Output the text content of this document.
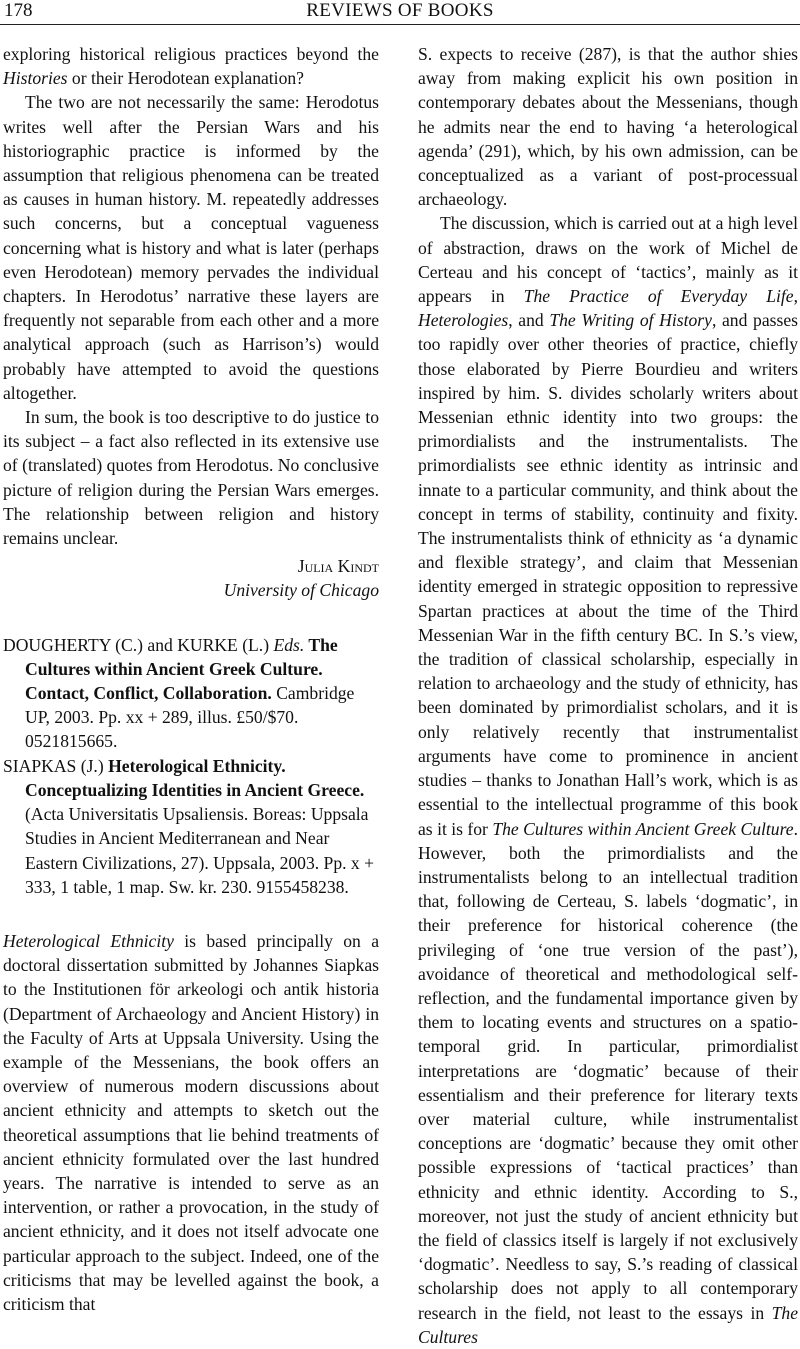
178	REVIEWS OF BOOKS

exploring historical religious practices beyond the Histories or their Herodotean explanation?

The two are not necessarily the same: Herodotus writes well after the Persian Wars and his historiographic practice is informed by the assumption that religious phenomena can be treated as causes in human history. M. repeatedly addresses such concerns, but a conceptual vagueness concerning what is history and what is later (perhaps even Herodotean) memory pervades the individual chapters. In Herodotus’ narrative these layers are frequently not separable from each other and a more analytical approach (such as Harrison’s) would probably have attempted to avoid the questions altogether.

In sum, the book is too descriptive to do justice to its subject – a fact also reflected in its extensive use of (translated) quotes from Herodotus. No conclusive picture of religion during the Persian Wars emerges. The relationship between religion and history remains unclear.

Julia Kindt

University of Chicago

DOUGHERTY (C.) and KURKE (L.) Eds. The Cultures within Ancient Greek Culture. Contact, Conflict, Collaboration. Cambridge UP, 2003. Pp. xx + 289, illus. £50/$70. 0521815665.

SIAPKAS (J.) Heterological Ethnicity. Conceptualizing Identities in Ancient Greece. (Acta Universitatis Upsaliensis. Boreas: Uppsala Studies in Ancient Mediterranean and Near Eastern Civilizations, 27). Uppsala, 2003. Pp. x + 333, 1 table, 1 map. Sw. kr. 230. 9155458238.

Heterological Ethnicity is based principally on a doctoral dissertation submitted by Johannes Siapkas to the Institutionen för arkeologi och antik historia (Department of Archaeology and Ancient History) in the Faculty of Arts at Uppsala University. Using the example of the Messenians, the book offers an overview of numerous modern discussions about ancient ethnicity and attempts to sketch out the theoretical assumptions that lie behind treatments of ancient ethnicity formulated over the last hundred years. The narrative is intended to serve as an intervention, or rather a provocation, in the study of ancient ethnicity, and it does not itself advocate one particular approach to the subject. Indeed, one of the criticisms that may be levelled against the book, a criticism that

S. expects to receive (287), is that the author shies away from making explicit his own position in contemporary debates about the Messenians, though he admits near the end to having ‘a heterological agenda’ (291), which, by his own admission, can be conceptualized as a variant of post-processual archaeology.

The discussion, which is carried out at a high level of abstraction, draws on the work of Michel de Certeau and his concept of ‘tactics’, mainly as it appears in The Practice of Everyday Life, Heterologies, and The Writing of History, and passes too rapidly over other theories of practice, chiefly those elaborated by Pierre Bourdieu and writers inspired by him. S. divides scholarly writers about Messenian ethnic identity into two groups: the primordialists and the instrumentalists. The primordialists see ethnic identity as intrinsic and innate to a particular community, and think about the concept in terms of stability, continuity and fixity. The instrumentalists think of ethnicity as ‘a dynamic and flexible strategy’, and claim that Messenian identity emerged in strategic opposition to repressive Spartan practices at about the time of the Third Messenian War in the fifth century BC. In S.’s view, the tradition of classical scholarship, especially in relation to archaeology and the study of ethnicity, has been dominated by primordialist scholars, and it is only relatively recently that instrumentalist arguments have come to prominence in ancient studies – thanks to Jonathan Hall’s work, which is as essential to the intellectual programme of this book as it is for The Cultures within Ancient Greek Culture. However, both the primordialists and the instrumentalists belong to an intellectual tradition that, following de Certeau, S. labels ‘dogmatic’, in their preference for historical coherence (the privileging of ‘one true version of the past’), avoidance of theoretical and methodological self-reflection, and the fundamental importance given by them to locating events and structures on a spatio-temporal grid. In particular, primordialist interpretations are ‘dogmatic’ because of their essentialism and their preference for literary texts over material culture, while instrumentalist conceptions are ‘dogmatic’ because they omit other possible expressions of ‘tactical practices’ than ethnicity and ethnic identity. According to S., moreover, not just the study of ancient ethnicity but the field of classics itself is largely if not exclusively ‘dogmatic’. Needless to say, S.’s reading of classical scholarship does not apply to all contemporary research in the field, not least to the essays in The Cultures
